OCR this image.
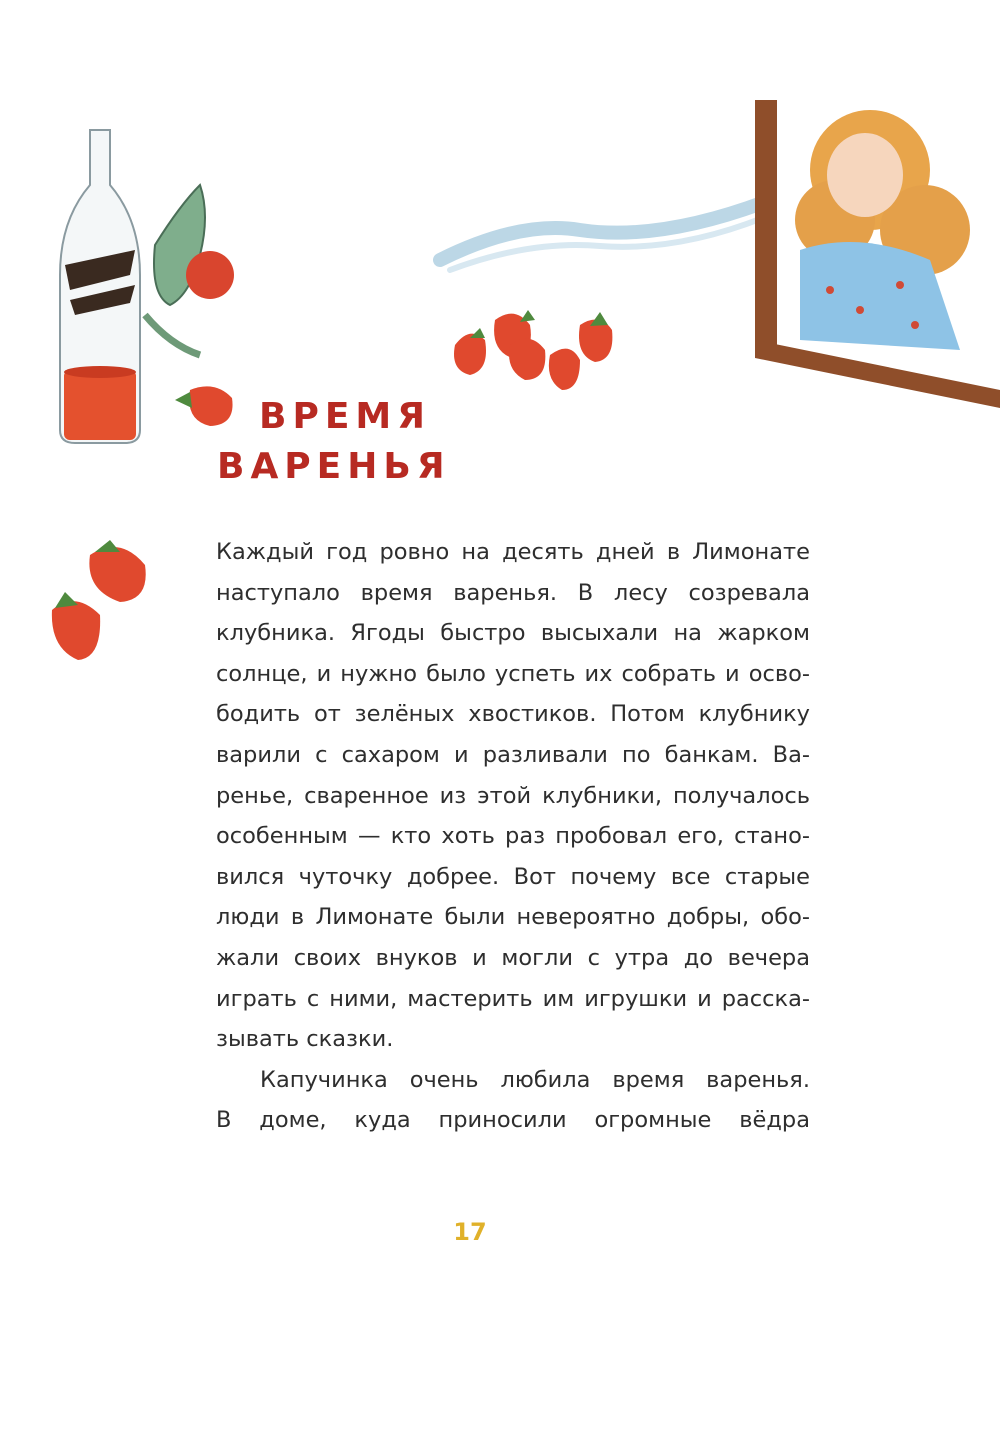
ВРЕМЯ
ВАРЕНЬЯ
Каждый год ровно на десять дней в Лимонате
наступало время варенья. В лесу созревала
клубника. Ягоды быстро высыхали на жарком
солнце, и нужно было успеть их собрать и осво-
бодить от зелёных хвостиков. Потом клубнику
варили с сахаром и разливали по банкам. Ва-
ренье, сваренное из этой клубники, получалось
особенным — кто хоть раз пробовал его, стано-
вился чуточку добрее. Вот почему все старые
люди в Лимонате были невероятно добры, обо-
жали своих внуков и могли с утра до вечера
играть с ними, мастерить им игрушки и расска-
зывать сказки.
Капучинка очень любила время варенья.
В доме, куда приносили огромные вёдра
17
